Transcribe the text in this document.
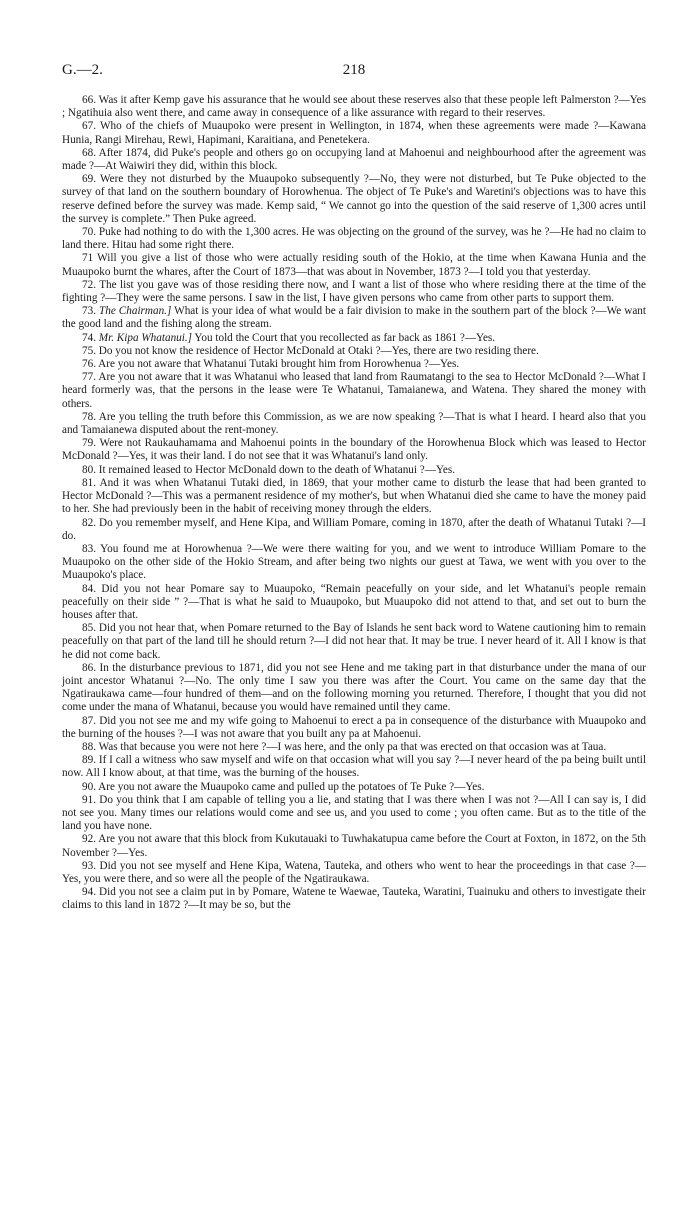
G.—2.	218

66. Was it after Kemp gave his assurance that he would see about these reserves also that these people left Palmerston ?—Yes ; Ngatihuia also went there, and came away in consequence of a like assurance with regard to their reserves.

67. Who of the chiefs of Muaupoko were present in Wellington, in 1874, when these agreements were made ?—Kawana Hunia, Rangi Mirehau, Rewi, Hapimani, Karaitiana, and Penetekera.

68. After 1874, did Puke's people and others go on occupying land at Mahoenui and neighbourhood after the agreement was made ?—At Waiwiri they did, within this block.

69. Were they not disturbed by the Muaupoko subsequently ?—No, they were not disturbed, but Te Puke objected to the survey of that land on the southern boundary of Horowhenua. The object of Te Puke's and Waretini's objections was to have this reserve defined before the survey was made. Kemp said, “ We cannot go into the question of the said reserve of 1,300 acres until the survey is complete.” Then Puke agreed.

70. Puke had nothing to do with the 1,300 acres. He was objecting on the ground of the survey, was he ?—He had no claim to land there. Hitau had some right there.

71 Will you give a list of those who were actually residing south of the Hokio, at the time when Kawana Hunia and the Muaupoko burnt the whares, after the Court of 1873—that was about in November, 1873 ?—I told you that yesterday.

72. The list you gave was of those residing there now, and I want a list of those who where residing there at the time of the fighting ?—They were the same persons. I saw in the list, I have given persons who came from other parts to support them.

73. The Chairman.] What is your idea of what would be a fair division to make in the southern part of the block ?—We want the good land and the fishing along the stream.

74. Mr. Kipa Whatanui.] You told the Court that you recollected as far back as 1861 ?—Yes.

75. Do you not know the residence of Hector McDonald at Otaki ?—Yes, there are two residing there.

76. Are you not aware that Whatanui Tutaki brought him from Horowhenua ?—Yes.

77. Are you not aware that it was Whatanui who leased that land from Raumatangi to the sea to Hector McDonald ?—What I heard formerly was, that the persons in the lease were Te Whatanui, Tamaianewa, and Watena. They shared the money with others.

78. Are you telling the truth before this Commission, as we are now speaking ?—That is what I heard. I heard also that you and Tamaianewa disputed about the rent-money.

79. Were not Raukauhamama and Mahoenui points in the boundary of the Horowhenua Block which was leased to Hector McDonald ?—Yes, it was their land. I do not see that it was Whatanui's land only.

80. It remained leased to Hector McDonald down to the death of Whatanui ?—Yes.

81. And it was when Whatanui Tutaki died, in 1869, that your mother came to disturb the lease that had been granted to Hector McDonald ?—This was a permanent residence of my mother's, but when Whatanui died she came to have the money paid to her. She had previously been in the habit of receiving money through the elders.

82. Do you remember myself, and Hene Kipa, and William Pomare, coming in 1870, after the death of Whatanui Tutaki ?—I do.

83. You found me at Horowhenua ?—We were there waiting for you, and we went to introduce William Pomare to the Muaupoko on the other side of the Hokio Stream, and after being two nights our guest at Tawa, we went with you over to the Muaupoko's place.

84. Did you not hear Pomare say to Muaupoko, “Remain peacefully on your side, and let Whatanui's people remain peacefully on their side ” ?—That is what he said to Muaupoko, but Muaupoko did not attend to that, and set out to burn the houses after that.

85. Did you not hear that, when Pomare returned to the Bay of Islands he sent back word to Watene cautioning him to remain peacefully on that part of the land till he should return ?—I did not hear that. It may be true. I never heard of it. All I know is that he did not come back.

86. In the disturbance previous to 1871, did you not see Hene and me taking part in that disturbance under the mana of our joint ancestor Whatanui ?—No. The only time I saw you there was after the Court. You came on the same day that the Ngatiraukawa came—four hundred of them—and on the following morning you returned. Therefore, I thought that you did not come under the mana of Whatanui, because you would have remained until they came.

87. Did you not see me and my wife going to Mahoenui to erect a pa in consequence of the disturbance with Muaupoko and the burning of the houses ?—I was not aware that you built any pa at Mahoenui.

88. Was that because you were not here ?—I was here, and the only pa that was erected on that occasion was at Taua.

89. If I call a witness who saw myself and wife on that occasion what will you say ?—I never heard of the pa being built until now. All I know about, at that time, was the burning of the houses.

90. Are you not aware the Muaupoko came and pulled up the potatoes of Te Puke ?—Yes.

91. Do you think that I am capable of telling you a lie, and stating that I was there when I was not ?—All I can say is, I did not see you. Many times our relations would come and see us, and you used to come ; you often came. But as to the title of the land you have none.

92. Are you not aware that this block from Kukutauaki to Tuwhakatupua came before the Court at Foxton, in 1872, on the 5th November ?—Yes.

93. Did you not see myself and Hene Kipa, Watena, Tauteka, and others who went to hear the proceedings in that case ?—Yes, you were there, and so were all the people of the Ngatiraukawa.

94. Did you not see a claim put in by Pomare, Watene te Waewae, Tauteka, Waratini, Tuainuku and others to investigate their claims to this land in 1872 ?—It may be so, but the
